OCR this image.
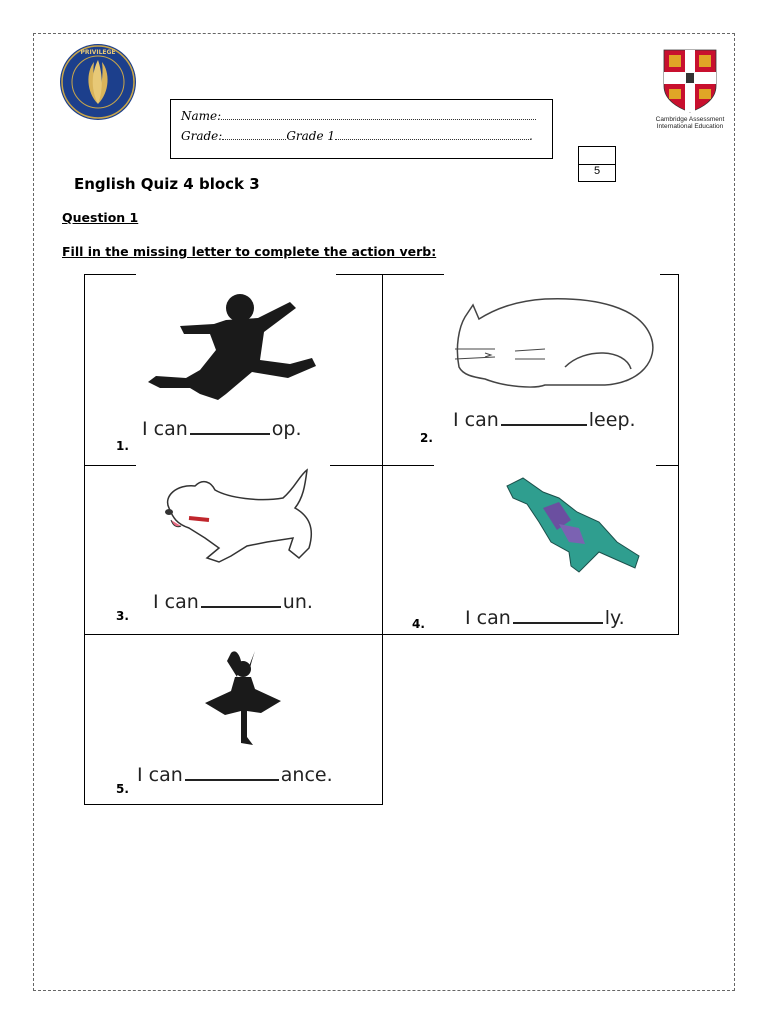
PRIVILEGE
Cambridge Assessment
International Education
Name:
Grade:	Grade 1	.
5
English Quiz 4 block 3
Question 1
Fill in the missing letter to complete the action verb:
I can	op.
1.
I can	leep.
2.
I can	un.
3.	I can	ly.
4.
I can	ance.
5.
